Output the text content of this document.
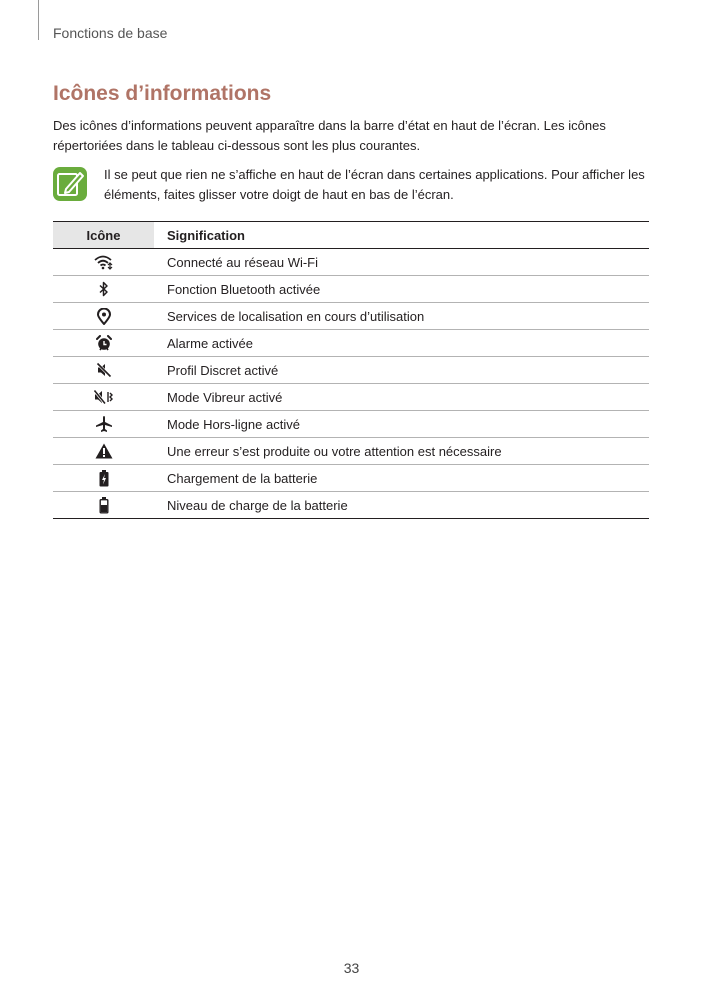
Fonctions de base
Icônes d’informations

Des icônes d’informations peuvent apparaître dans la barre d’état en haut de l’écran. Les icônes répertoriées dans le tableau ci-dessous sont les plus courantes.

Il se peut que rien ne s’affiche en haut de l’écran dans certaines applications. Pour afficher les éléments, faites glisser votre doigt de haut en bas de l’écran.

Icône	Signification
	Connecté au réseau Wi-Fi
	Fonction Bluetooth activée
	Services de localisation en cours d’utilisation
	Alarme activée
	Profil Discret activé
	Mode Vibreur activé
	Mode Hors-ligne activé
	Une erreur s’est produite ou votre attention est nécessaire
	Chargement de la batterie
	Niveau de charge de la batterie
33
